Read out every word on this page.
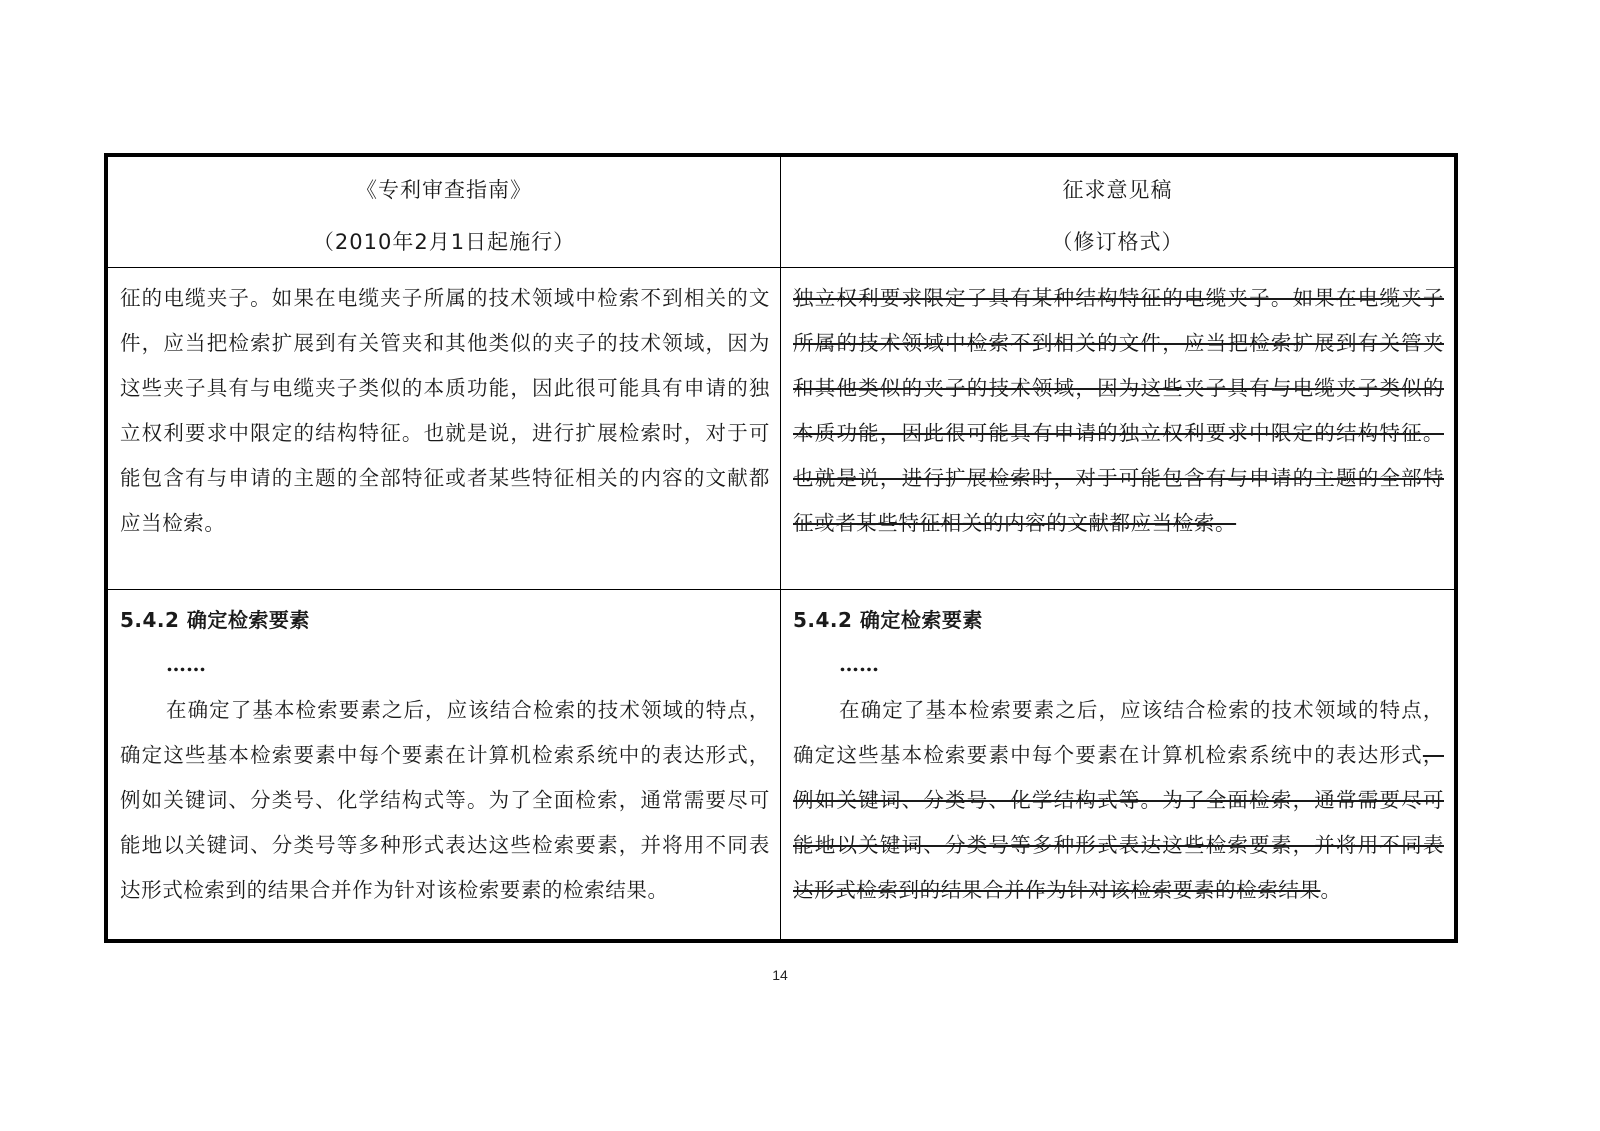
《专利审查指南》
（2010年2月1日起施行）
征求意见稿
（修订格式）

征的电缆夹子。如果在电缆夹子所属的技术领域中检索不到相关的文件，应当把检索扩展到有关管夹和其他类似的夹子的技术领域，因为这些夹子具有与电缆夹子类似的本质功能，因此很可能具有申请的独立权利要求中限定的结构特征。也就是说，进行扩展检索时，对于可能包含有与申请的主题的全部特征或者某些特征相关的内容的文献都应当检索。

独立权利要求限定了具有某种结构特征的电缆夹子。如果在电缆夹子所属的技术领域中检索不到相关的文件，应当把检索扩展到有关管夹和其他类似的夹子的技术领域，因为这些夹子具有与电缆夹子类似的本质功能，因此很可能具有申请的独立权利要求中限定的结构特征。也就是说，进行扩展检索时，对于可能包含有与申请的主题的全部特征或者某些特征相关的内容的文献都应当检索。

5.4.2 确定检索要素
……

在确定了基本检索要素之后，应该结合检索的技术领域的特点，确定这些基本检索要素中每个要素在计算机检索系统中的表达形式，例如关键词、分类号、化学结构式等。为了全面检索，通常需要尽可能地以关键词、分类号等多种形式表达这些检索要素，并将用不同表达形式检索到的结果合并作为针对该检索要素的检索结果。

5.4.2 确定检索要素
……

在确定了基本检索要素之后，应该结合检索的技术领域的特点，确定这些基本检索要素中每个要素在计算机检索系统中的表达形式，例如关键词、分类号、化学结构式等。为了全面检索，通常需要尽可能地以关键词、分类号等多种形式表达这些检索要素，并将用不同表达形式检索到的结果合并作为针对该检索要素的检索结果。

14
